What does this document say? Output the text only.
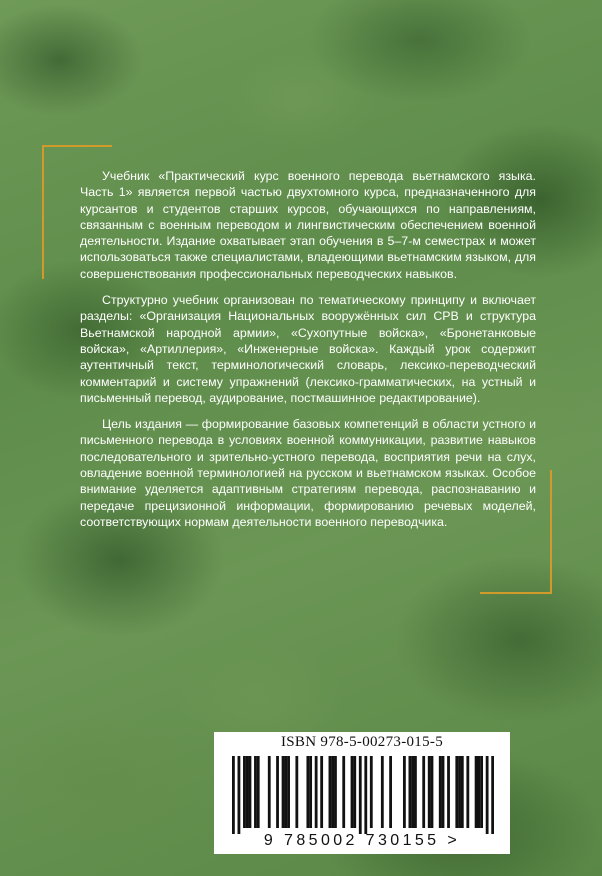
Учебник «Практический курс военного перевода вьетнамского языка. Часть 1» является первой частью двухтомного курса, предназначенного для курсантов и студентов старших курсов, обучающихся по направлениям, связанным с военным переводом и лингвистическим обеспечением военной деятельности. Издание охватывает этап обучения в 5–7-м семестрах и может использоваться также специалистами, владеющими вьетнамским языком, для совершенствования профессиональных переводческих навыков.

Структурно учебник организован по тематическому принципу и включает разделы: «Организация Национальных вооружённых сил СРВ и структура Вьетнамской народной армии», «Сухопутные войска», «Бронетанковые войска», «Артиллерия», «Инженерные войска». Каждый урок содержит аутентичный текст, терминологический словарь, лексико-переводческий комментарий и систему упражнений (лексико-грамматических, на устный и письменный перевод, аудирование, постмашинное редактирование).

Цель издания — формирование базовых компетенций в области устного и письменного перевода в условиях военной коммуникации, развитие навыков последовательного и зрительно-устного перевода, восприятия речи на слух, овладение военной терминологией на русском и вьетнамском языках. Особое внимание уделяется адаптивным стратегиям перевода, распознаванию и передаче прецизионной информации, формированию речевых моделей, соответствующих нормам деятельности военного переводчика.

ISBN 978-5-00273-015-5
9 785002 730155 >
